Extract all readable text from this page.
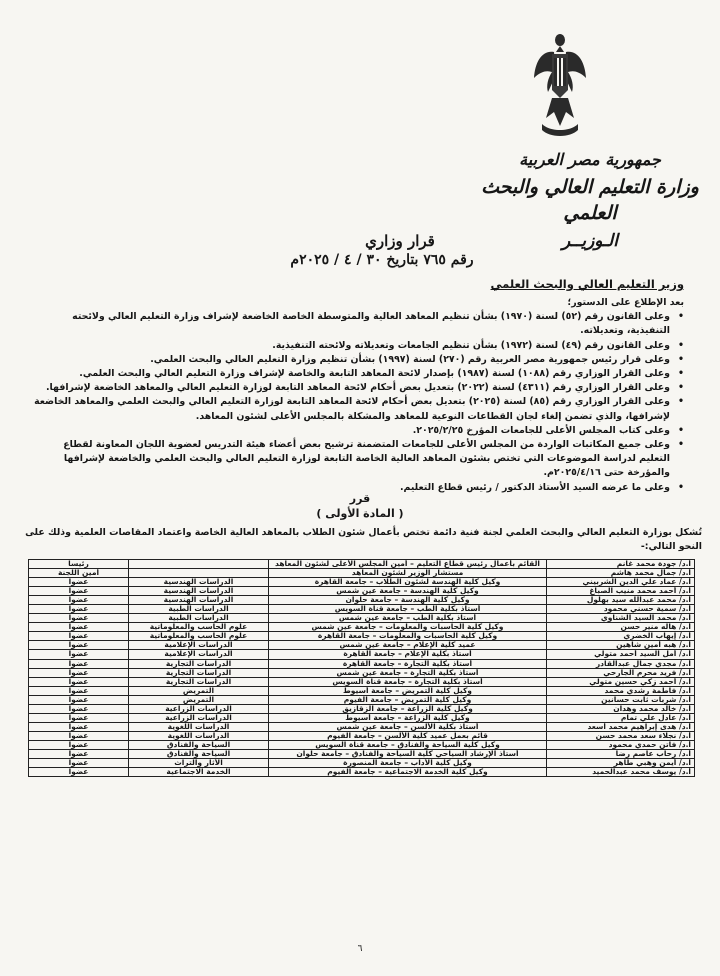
جمهورية مصر العربية
وزارة التعليم العالي والبحث العلمي
الـوزيــر
قرار وزاري
رقم ٧٦٥ بتاريخ ٣٠ / ٤ / ٢٠٢٥م
وزير التعليم العالي والبحث العلمي

بعد الإطلاع على الدستور؛

• وعلى القانون رقم (٥٢) لسنة (١٩٧٠) بشأن تنظيم المعاهد العالية والمتوسطة الخاصة الخاضعة لإشراف وزارة التعليم العالي ولائحته التنفيذية، وتعديلاته.
• وعلى القانون رقم (٤٩) لسنة (١٩٧٢) بشأن تنظيم الجامعات وتعديلاته ولائحته التنفيذية.
• وعلى قرار رئيس جمهورية مصر العربية رقم (٢٧٠) لسنة (١٩٩٧) بشأن تنظيم وزارة التعليم العالي والبحث العلمي.
• وعلى القرار الوزاري رقم (١٠٨٨) لسنة (١٩٨٧) بإصدار لائحة المعاهد التابعة والخاصة لإشراف وزارة التعليم العالي والبحث العلمي.
• وعلى القرار الوزاري رقم (٤٣١١) لسنة (٢٠٢٢) بتعديل بعض أحكام لائحة المعاهد التابعة لوزارة التعليم العالي والمعاهد الخاضعة لإشرافها.
• وعلى القرار الوزاري رقم (٨٥) لسنة (٢٠٢٥) بتعديل بعض أحكام لائحة المعاهد التابعة لوزارة التعليم العالي والبحث العلمي والمعاهد الخاضعة لإشرافها، والذي تضمن إلغاء لجان القطاعات النوعية للمعاهد والمشكلة بالمجلس الأعلى لشئون المعاهد.
• وعلى كتاب المجلس الأعلى للجامعات المؤرخ ٢٠٢٥/٢/٢٥.
• وعلى جميع المكاتبات الواردة من المجلس الأعلى للجامعات المتضمنة ترشيح بعض أعضاء هيئة التدريس لعضوية اللجان المعاونة لقطاع التعليم لدراسة الموضوعات التي تختص بشئون المعاهد العالية الخاصة التابعة لوزارة التعليم العالي والبحث العلمي والخاضعة لإشرافها والمؤرخة حتى ٢٠٢٥/٤/١٦م.
• وعلى ما عرضه السيد الأستاذ الدكتور / رئيس قطاع التعليم.
قرر
( المادة الأولى )
تُشكل بوزارة التعليم العالي والبحث العلمي لجنة فنية دائمة تختص بأعمال شئون الطلاب بالمعاهد العالية الخاصة واعتماد المقاصات العلمية وذلك على النحو التالي:-
أ.د/ جودة محمد غانم
القائم بأعمال رئيس قطاع التعليم – أمين المجلس الأعلى لشئون المعاهد
رئيسا
أ.د/ جمال محمد هاشم
مستشار الوزير لشئون المعاهد
أمين اللجنة
أ.د/ عماد علي الدين الشربيني
وكيل كلية الهندسة لشئون الطلاب – جامعة القاهرة
الدراسات الهندسية
عضواً
أ.د/ أحمد محمد منيب الصباغ
وكيل كلية الهندسة – جامعة عين شمس
الدراسات الهندسية
عضواً
أ.د/ محمد عبدالله سيد بهلول
وكيل كلية الهندسة – جامعة حلوان
الدراسات الهندسية
عضواً
أ.د/ سمية حسني محمود
أستاذ بكلية الطب – جامعة قناة السويس
الدراسات الطبية
عضواً
أ.د/ محمد السيد الشناوي
أستاذ بكلية الطب – جامعة عين شمس
الدراسات الطبية
عضواً
أ.د/ هاله منير حسن
وكيل كلية الحاسبات والمعلومات – جامعة عين شمس
علوم الحاسب والمعلوماتية
عضواً
أ.د/ إيهاب الخضري
وكيل كلية الحاسبات والمعلومات – جامعة القاهرة
علوم الحاسب والمعلوماتية
عضواً
أ.د/ هبه أمين شاهين
عميد كلية الإعلام – جامعة عين شمس
الدراسات الإعلامية
عضواً
أ.د/ أمل السيد أحمد متولي
أستاذ بكلية الإعلام – جامعة القاهرة
الدراسات الإعلامية
عضواً
أ.د/ مجدي جمال عبدالقادر
أستاذ بكلية التجارة – جامعة القاهرة
الدراسات التجارية
عضواً
أ.د/ فريد محرم الجارحي
أستاذ بكلية التجارة – جامعة عين شمس
الدراسات التجارية
عضواً
أ.د/ أحمد زكي حسين متولي
أستاذ بكلية التجارة – جامعة قناة السويس
الدراسات التجارية
عضواً
أ.د/ فاطمة رشدي محمد
وكيل كلية التمريض – جامعة أسيوط
التمريض
عضواً
أ.د/ شربات ثابت حسانين
وكيل كلية التمريض – جامعة الفيوم
التمريض
عضواً
أ.د/ خالد محمد وهدان
وكيل كلية الزراعة – جامعة الزقازيق
الدراسات الزراعية
عضواً
أ.د/ عادل علي تمام
وكيل كلية الزراعة – جامعة أسيوط
الدراسات الزراعية
عضواً
أ.د/ هدى إبراهيم محمد أسعد
أستاذ بكلية الألسن – جامعة عين شمس
الدراسات اللغوية
عضواً
أ.د/ نجلاء سعد محمد حسن
قائم بعمل عميد كلية الألسن – جامعة الفيوم
الدراسات اللغوية
عضواً
أ.د/ فاتن حمدي محمود
وكيل كلية السياحة والفنادق – جامعة قناة السويس
السياحة والفنادق
عضواً
أ.د/ رحاب عاصم رضا
أستاذ الإرشاد السياحي كلية السياحة والفنادق – جامعة حلوان
السياحة والفنادق
عضواً
أ.د/ أيمن وهبي طاهر
وكيل كلية الآداب – جامعة المنصورة
الآثار والتراث
عضواً
أ.د/ يوسف محمد عبدالحميد
وكيل كلية الخدمة الاجتماعية – جامعة الفيوم
الخدمة الاجتماعية
عضواً
٦
